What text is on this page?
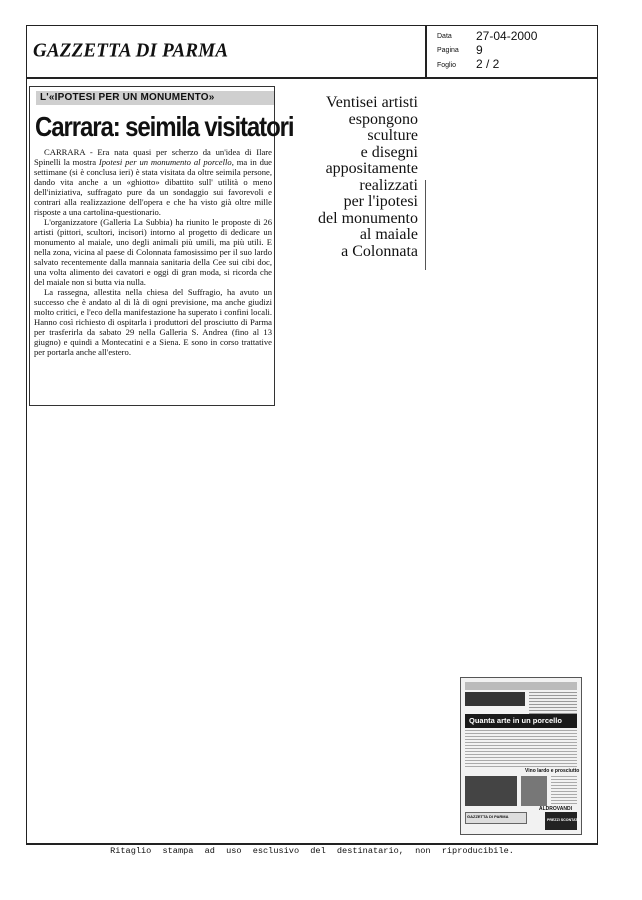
GAZZETTA DI PARMA
Data 27-04-2000
Pagina 9
Foglio 2 / 2
L'«IPOTESI PER UN MONUMENTO»
Carrara: seimila visitatori

CARRARA - Era nata quasi per scherzo da un'idea di Ilare Spinelli la mostra Ipotesi per un monumento al porcello, ma in due settimane (si è conclusa ieri) è stata visitata da oltre seimila persone, dando vita anche a un «ghiotto» dibattito sull' utilità o meno dell'iniziativa, suffragato pure da un sondaggio sui favorevoli e contrari alla realizzazione dell'opera e che ha visto già oltre mille risposte a una cartolina-questionario.

L'organizzatore (Galleria La Subbia) ha riunito le proposte di 26 artisti (pittori, scultori, incisori) intorno al progetto di dedicare un monumento al maiale, uno degli animali più umili, ma più utili. E nella zona, vicina al paese di Colonnata famosissimo per il suo lardo salvato recentemente dalla mannaia sanitaria della Cee sui cibi doc, una volta alimento dei cavatori e oggi di gran moda, si ricorda che del maiale non si butta via nulla.

La rassegna, allestita nella chiesa del Suffragio, ha avuto un successo che è andato al di là di ogni previsione, ma anche giudizi molto critici, e l'eco della manifestazione ha superato i confini locali. Hanno così richiesto di ospitarla i produttori del prosciutto di Parma per trasferirla da sabato 29 nella Galleria S. Andrea (fino al 13 giugno) e quindi a Montecatini e a Siena. E sono in corso trattative per portarla anche all'estero.

Ventisei artisti
espongono
sculture
e disegni
appositamente
realizzati
per l'ipotesi
del monumento
al maiale
a Colonnata
Quanta arte in un porcello
Vino lardo e prosciutto
ALDROVANDI
GAZZETTA DI PARMA
PREZZI SCONTATI
Ritaglio stampa ad uso esclusivo del destinatario, non riproducibile.
